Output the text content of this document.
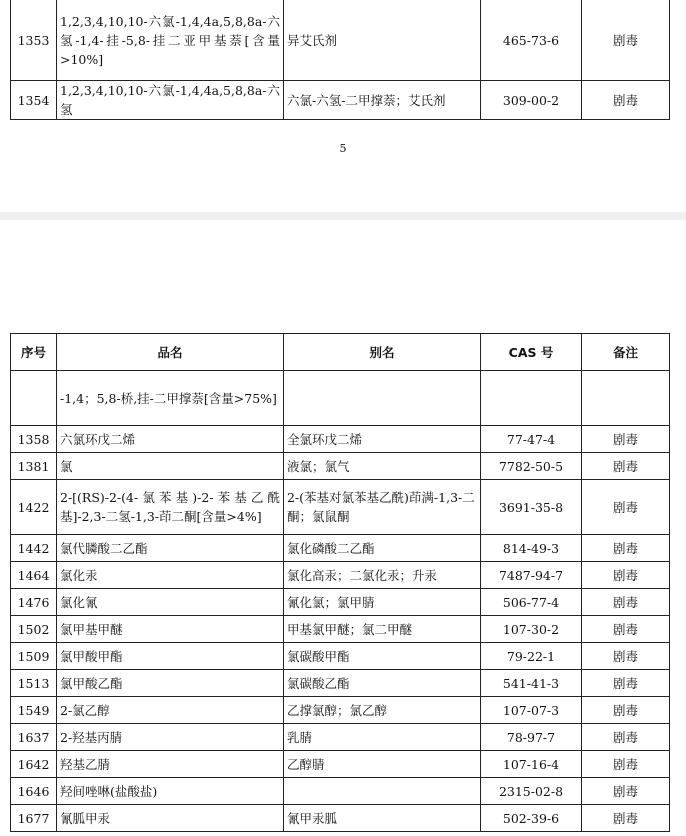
1353	1,2,3,4,10,10-六氯-1,4,4a,5,8,8a-六氢-1,4-挂-5,8-挂二亚甲基萘[含量>10%]	异艾氏剂	465-73-6	剧毒
1354	1,2,3,4,10,10-六氯-1,4,4a,5,8,8a-六氢	六氯-六氢-二甲撑萘；艾氏剂	309-00-2	剧毒
5
序号	品名	别名	CAS 号	备注
	-1,4；5,8-桥,挂-二甲撑萘[含量>75%]			
1358	六氯环戊二烯	全氯环戊二烯	77-47-4	剧毒
1381	氯	液氯；氯气	7782-50-5	剧毒
1422	2-[(RS)-2-(4-氯苯基)-2-苯基乙酰基]-2,3-二氢-1,3-茚二酮[含量>4%]	2-(苯基对氯苯基乙酰)茚满-1,3-二酮；氯鼠酮	3691-35-8	剧毒
1442	氯代膦酸二乙酯	氯化磷酸二乙酯	814-49-3	剧毒
1464	氯化汞	氯化高汞；二氯化汞；升汞	7487-94-7	剧毒
1476	氯化氰	氰化氯；氯甲腈	506-77-4	剧毒
1502	氯甲基甲醚	甲基氯甲醚；氯二甲醚	107-30-2	剧毒
1509	氯甲酸甲酯	氯碳酸甲酯	79-22-1	剧毒
1513	氯甲酸乙酯	氯碳酸乙酯	541-41-3	剧毒
1549	2-氯乙醇	乙撑氯醇；氯乙醇	107-07-3	剧毒
1637	2-羟基丙腈	乳腈	78-97-7	剧毒
1642	羟基乙腈	乙醇腈	107-16-4	剧毒
1646	羟间唑啉(盐酸盐)		2315-02-8	剧毒
1677	氰胍甲汞	氰甲汞胍	502-39-6	剧毒
